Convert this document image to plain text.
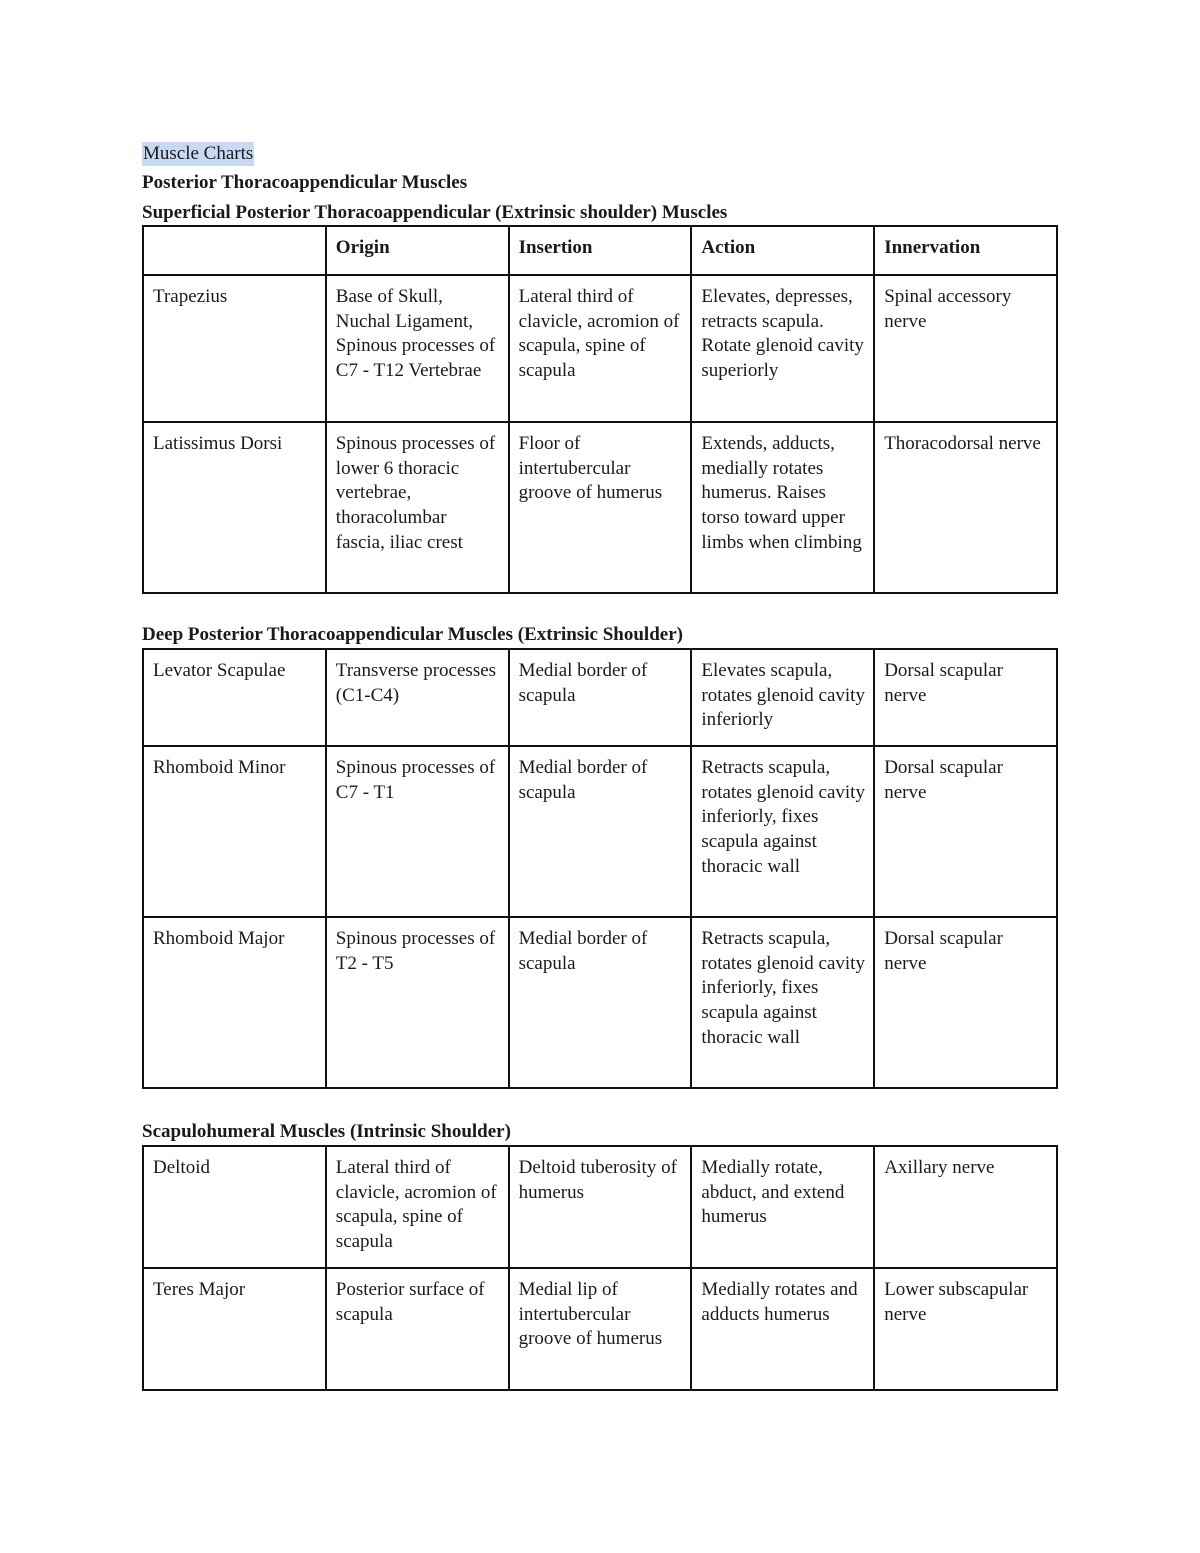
Muscle Charts
Posterior Thoracoappendicular Muscles
Superficial Posterior Thoracoappendicular (Extrinsic shoulder) Muscles
	Origin	Insertion	Action	Innervation
Trapezius	Base of Skull, Nuchal Ligament, Spinous processes of C7 - T12 Vertebrae	Lateral third of clavicle, acromion of scapula, spine of scapula	Elevates, depresses, retracts scapula. Rotate glenoid cavity superiorly	Spinal accessory nerve
Latissimus Dorsi	Spinous processes of lower 6 thoracic vertebrae, thoracolumbar fascia, iliac crest	Floor of intertubercular groove of humerus	Extends, adducts, medially rotates humerus. Raises torso toward upper limbs when climbing	Thoracodorsal nerve
Deep Posterior Thoracoappendicular Muscles (Extrinsic Shoulder)
Levator Scapulae	Transverse processes (C1-C4)	Medial border of scapula	Elevates scapula, rotates glenoid cavity inferiorly	Dorsal scapular nerve
Rhomboid Minor	Spinous processes of C7 - T1	Medial border of scapula	Retracts scapula, rotates glenoid cavity inferiorly, fixes scapula against thoracic wall	Dorsal scapular nerve
Rhomboid Major	Spinous processes of T2 - T5	Medial border of scapula	Retracts scapula, rotates glenoid cavity inferiorly, fixes scapula against thoracic wall	Dorsal scapular nerve
Scapulohumeral Muscles (Intrinsic Shoulder)
Deltoid	Lateral third of clavicle, acromion of scapula, spine of scapula	Deltoid tuberosity of humerus	Medially rotate, abduct, and extend humerus	Axillary nerve
Teres Major	Posterior surface of scapula	Medial lip of intertubercular groove of humerus	Medially rotates and adducts humerus	Lower subscapular nerve
